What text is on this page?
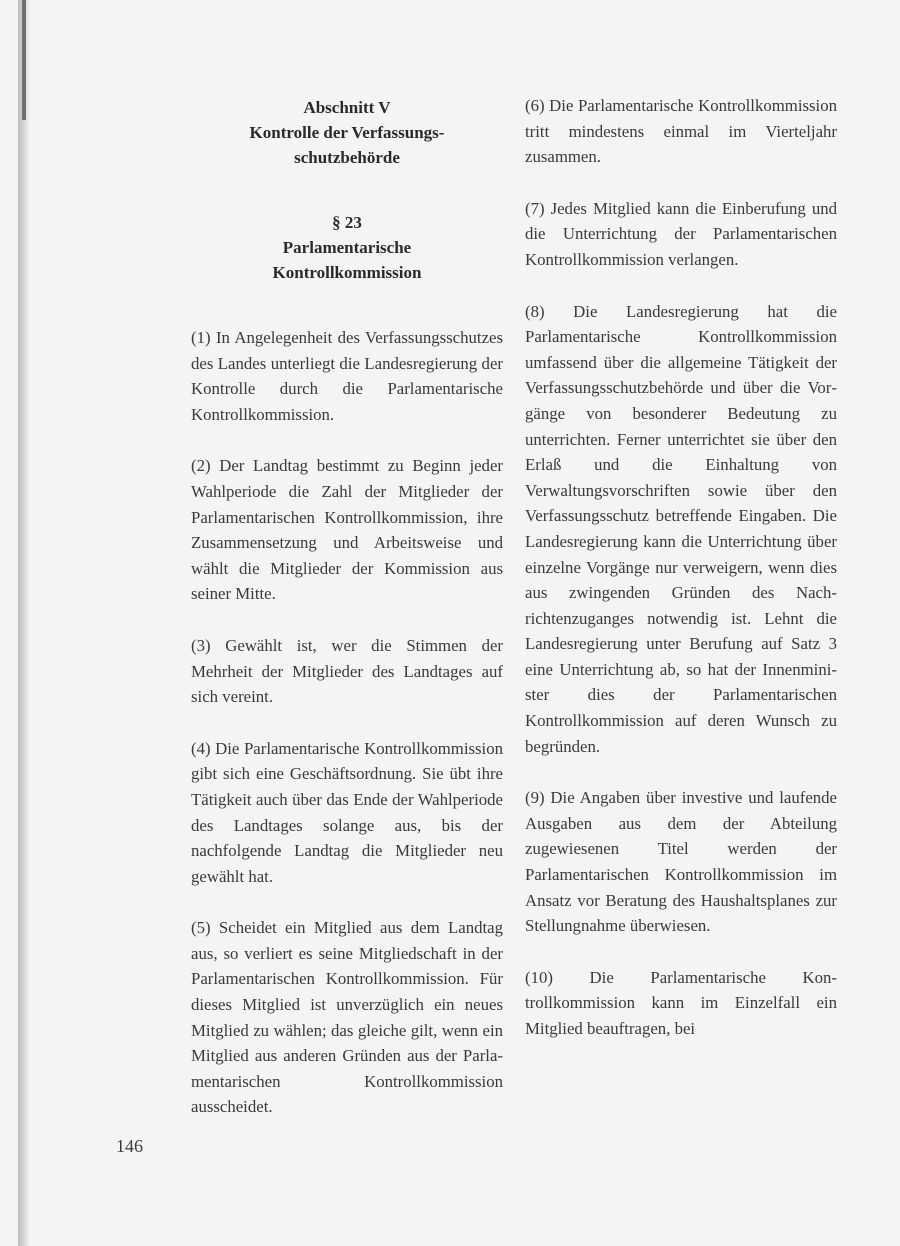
Abschnitt V
Kontrolle der Verfassungs-
schutzbehörde
§ 23
Parlamentarische
Kontrollkommission

(1) In Angelegenheit des Verfassungsschutzes des Landes unterliegt die Landesregierung der Kontrolle durch die Parlamentarische Kontrollkommission.

(2) Der Landtag bestimmt zu Beginn jeder Wahlperiode die Zahl der Mitglieder der Parlamentarischen Kontrollkommission, ihre Zusammensetzung und Arbeitsweise und wählt die Mitglieder der Kommission aus seiner Mitte.

(3) Gewählt ist, wer die Stimmen der Mehrheit der Mitglieder des Landtages auf sich vereint.

(4) Die Parlamentarische Kontrollkommission gibt sich eine Geschäftsordnung. Sie übt ihre Tätigkeit auch über das Ende der Wahlperiode des Landtages solange aus, bis der nachfolgende Landtag die Mitglieder neu gewählt hat.

(5) Scheidet ein Mitglied aus dem Landtag aus, so verliert es seine Mitgliedschaft in der Parlamentarischen Kontrollkommission. Für dieses Mitglied ist unverzüglich ein neues Mitglied zu wählen; das gleiche gilt, wenn ein Mitglied aus anderen Gründen aus der Parlamentarischen Kontrollkommission ausscheidet.

(6) Die Parlamentarische Kontrollkommission tritt mindestens einmal im Vierteljahr zusammen.

(7) Jedes Mitglied kann die Einberufung und die Unterrichtung der Parlamentarischen Kontrollkommission verlangen.

(8) Die Landesregierung hat die Parlamentarische Kontrollkommission umfassend über die allgemeine Tätigkeit der Verfassungsschutzbehörde und über die Vorgänge von besonderer Bedeutung zu unterrichten. Ferner unterrichtet sie über den Erlaß und die Einhaltung von Verwaltungsvorschriften sowie über den Verfassungsschutz betreffende Eingaben. Die Landesregierung kann die Unterrichtung über einzelne Vorgänge nur verweigern, wenn dies aus zwingenden Gründen des Nachrichtenzuganges notwendig ist. Lehnt die Landesregierung unter Berufung auf Satz 3 eine Unterrichtung ab, so hat der Innenminister dies der Parlamentarischen Kontrollkommission auf deren Wunsch zu begründen.

(9) Die Angaben über investive und laufende Ausgaben aus dem der Abteilung zugewiesenen Titel werden der Parlamentarischen Kontrollkommission im Ansatz vor Beratung des Haushaltsplanes zur Stellungnahme überwiesen.

(10) Die Parlamentarische Kontrollkommission kann im Einzelfall ein Mitglied beauftragen, bei

146
